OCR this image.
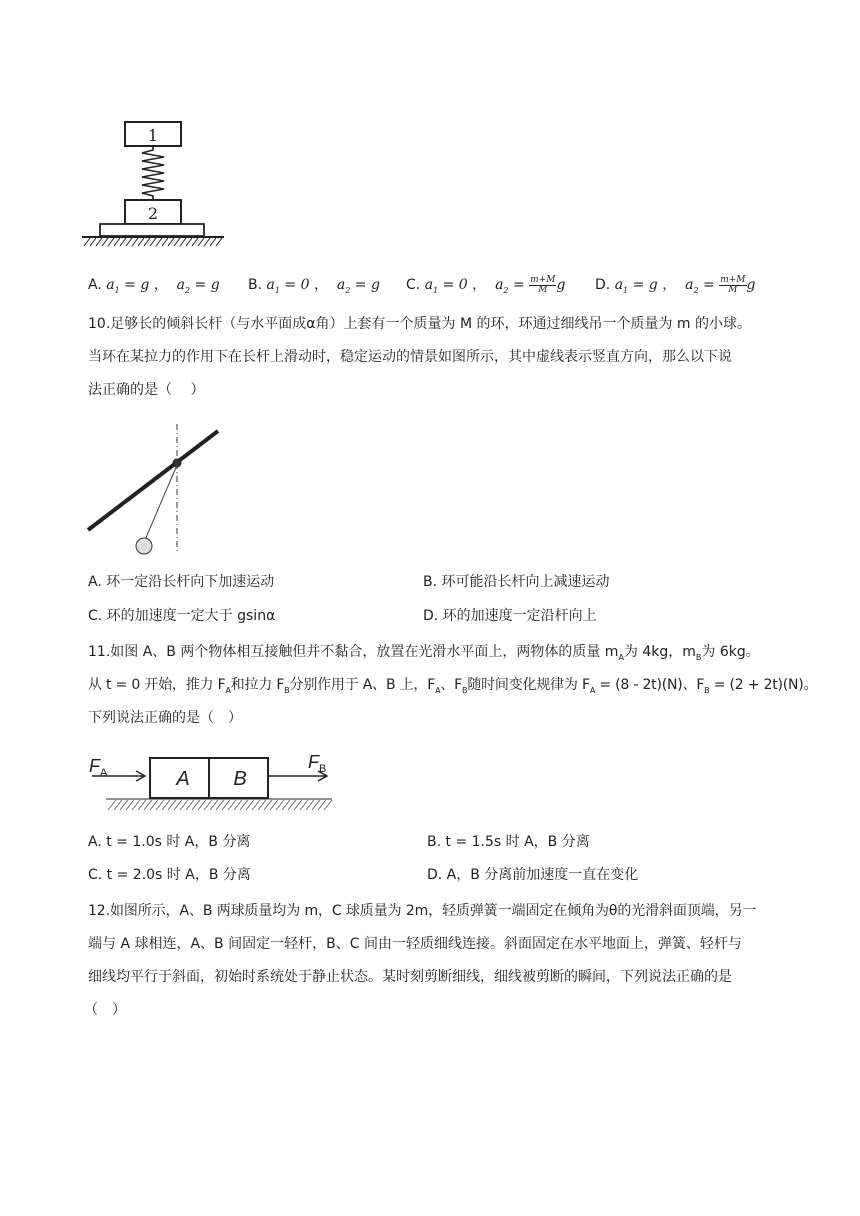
1
2
A. $a_1 = g$ ，  $a_2 = g$ B. $a_1 = 0$ ，  $a_2 = g$ C. $a_1 = 0$ ，  $a_2 = \frac{m+M}{M}$ g D. $a_1 = g$ ，  $a_2 = \frac{m+M}{M}$ g
10.足够长的倾斜长杆（与水平面成α角）上套有一个质量为 M 的环，环通过细线吊一个质量为 m 的小球。
当环在某拉力的作用下在长杆上滑动时，稳定运动的情景如图所示，其中虚线表示竖直方向，那么以下说
法正确的是（　 ）
A. 环一定沿长杆向下加速运动	B. 环可能沿长杆向上减速运动
C. 环的加速度一定大于 gsinα	D. 环的加速度一定沿杆向上
11.如图 A、B 两个物体相互接触但并不黏合，放置在光滑水平面上，两物体的质量 $m_A$为 4kg，$m_B$为 6kg。
从 t = 0 开始，推力 $F_A$和拉力 $F_B$分别作用于 A、B 上，$F_A$、$F_B$随时间变化规律为 $F_A = (8 - 2t)(N)$、$F_B = (2 + 2t)(N)$。
下列说法正确的是（　）
$F_A$	A B
$F_B$
A. t = 1.0s 时 A，B 分离	B. t = 1.5s 时 A，B 分离
C. t = 2.0s 时 A，B 分离	D. A，B 分离前加速度一直在变化
12.如图所示，A、B 两球质量均为 m，C 球质量为 2m，轻质弹簧一端固定在倾角为θ的光滑斜面顶端，另一
端与 A 球相连，A、B 间固定一轻杆，B、C 间由一轻质细线连接。斜面固定在水平地面上，弹簧、轻杆与
细线均平行于斜面，初始时系统处于静止状态。某时刻剪断细线，细线被剪断的瞬间，下列说法正确的是
（　）
